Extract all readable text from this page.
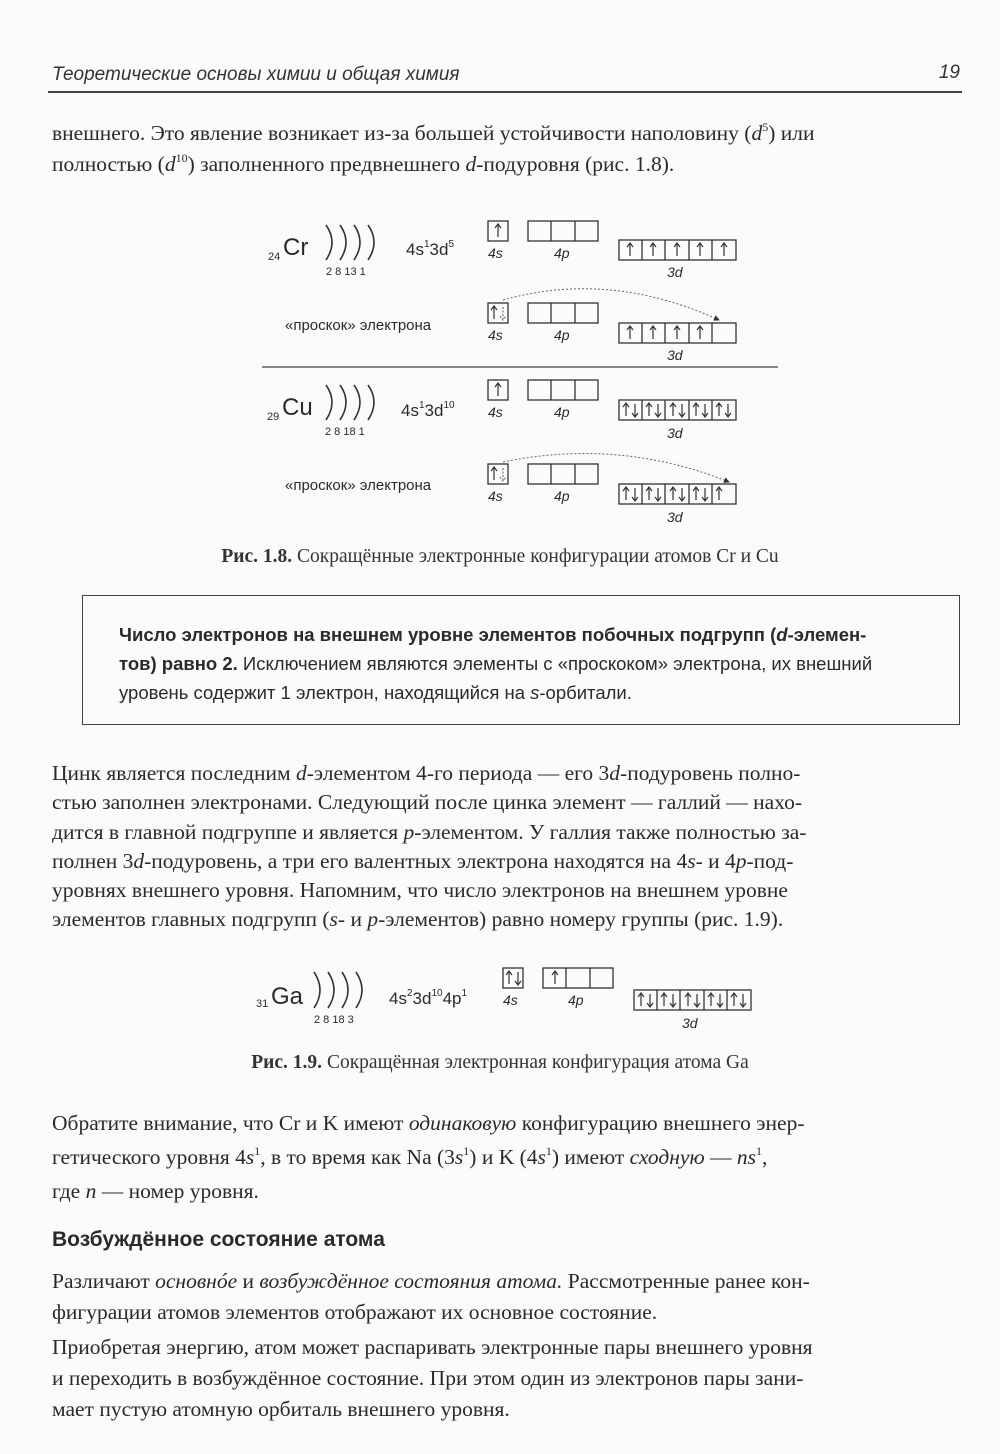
Теоретические основы химии и общая химия	19

внешнего. Это явление возникает из-за большей устойчивости наполовину $(d^5)$ или

полностью $(d^{10})$ заполненного предвнешнего d-подуровня (рис. 1.8).

24 Cr
2 8 13 1
$4s^13d^5$
4s	4p
3d
«проскок» электрона
4s	4p
3d
29 Cu
2 8 18 1
$4s^13d^{10}$ 4s	4p
3d
«проскок» электрона
4s	4p
3d
Рис. 1.8. Сокращённые электронные конфигурации атомов Cr и Cu
Число электронов на внешнем уровне элементов побочных подгрупп (d-элемен-
тов) равно 2. Исключением являются элементы с «проскоком» электрона, их внешний
уровень содержит 1 электрон, находящийся на s-орбитали.

Цинк является последним d-элементом 4-го периода — его 3d-подуровень полно-

стью заполнен электронами. Следующий после цинка элемент — галлий — нахо-

дится в главной подгруппе и является p-элементом. У галлия также полностью за-

полнен 3d-подуровень, а три его валентных электрона находятся на 4s- и 4p-под-

уровнях внешнего уровня. Напомним, что число электронов на внешнем уровне

элементов главных подгрупп (s- и p-элементов) равно номеру группы (рис. 1.9).

31 Ga
2 8 18 3
$4s^23d^{10}4p^1$	4s	4p
3d
Рис. 1.9. Сокращённая электронная конфигурация атома Ga

Обратите внимание, что Cr и K имеют одинаковую конфигурацию внешнего энер-

гетического уровня $4s^1$, в то время как Na $(3s^1)$ и K $(4s^1)$ имеют сходную — $ns^1$,

где n — номер уровня.

Возбуждённое состояние атома

Различают основнóе и возбуждённое состояния атома. Рассмотренные ранее кон-

фигурации атомов элементов отображают их основное состояние.

Приобретая энергию, атом может распаривать электронные пары внешнего уровня

и переходить в возбуждённое состояние. При этом один из электронов пары зани-

мает пустую атомную орбиталь внешнего уровня.
